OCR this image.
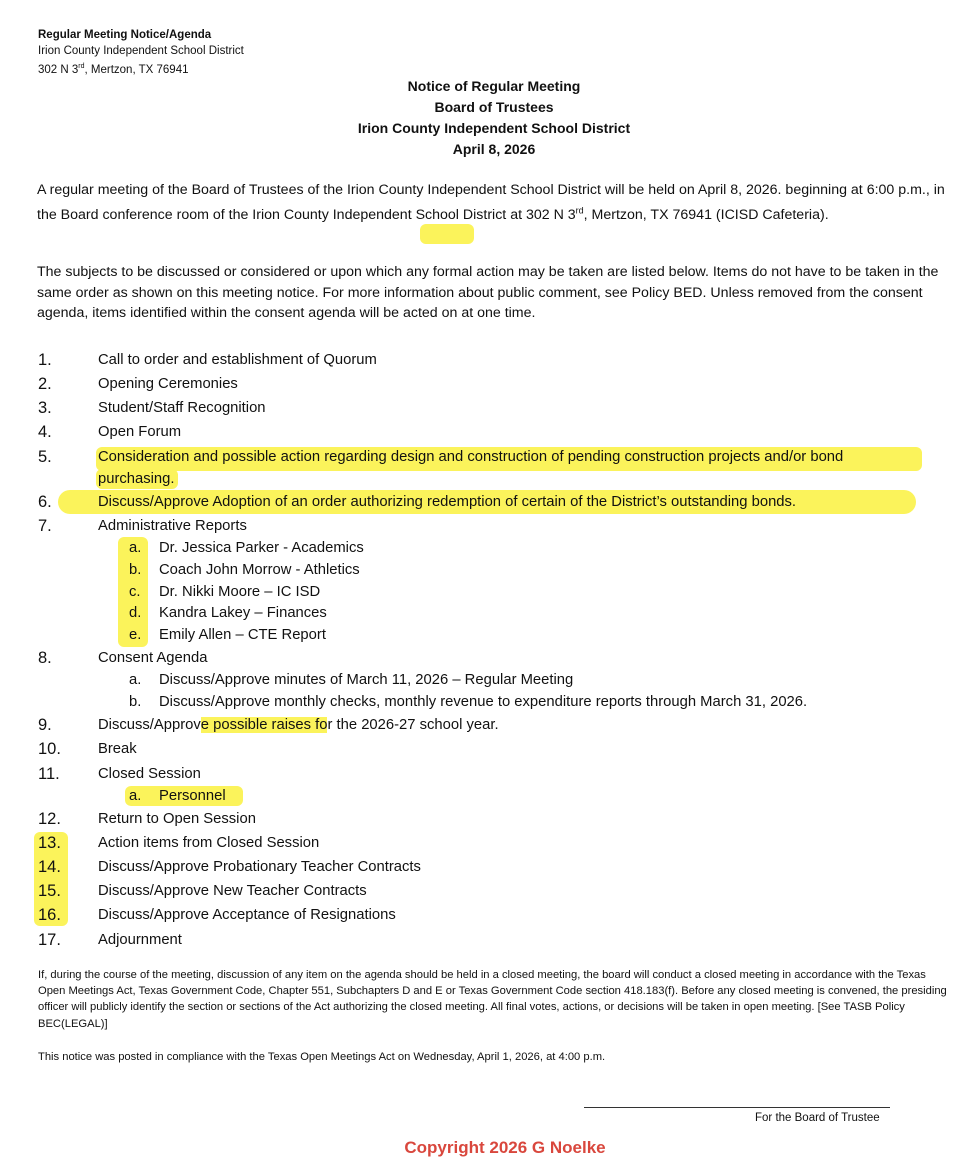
Regular Meeting Notice/Agenda
Irion County Independent School District
302 N 3rd, Mertzon, TX 76941
Notice of Regular Meeting
Board of Trustees
Irion County Independent School District
April 8, 2026
A regular meeting of the Board of Trustees of the Irion County Independent School District will be held on April 8, 2026. beginning at 6:00 p.m., in the Board conference room of the Irion County Independent School District at 302 N 3rd, Mertzon, TX 76941 (ICISD Cafeteria).
The subjects to be discussed or considered or upon which any formal action may be taken are listed below. Items do not have to be taken in the same order as shown on this meeting notice. For more information about public comment, see Policy BED. Unless removed from the consent agenda, items identified within the consent agenda will be acted on at one time.
1.	Call to order and establishment of Quorum
2.	Opening Ceremonies
3.	Student/Staff Recognition
4.	Open Forum
5.	Consideration and possible action regarding design and construction of pending construction projects and/or bond
purchasing.
6.	Discuss/Approve Adoption of an order authorizing redemption of certain of the District’s outstanding bonds.
7.	Administrative Reports
a. Dr. Jessica Parker - Academics
b. Coach John Morrow - Athletics
c. Dr. Nikki Moore – IC ISD
d. Kandra Lakey – Finances
e. Emily Allen – CTE Report
8.	Consent Agenda
a. Discuss/Approve minutes of March 11, 2026 – Regular Meeting
b. Discuss/Approve monthly checks, monthly revenue to expenditure reports through March 31, 2026.
9.	Discuss/Approve possible raises for the 2026-27 school year.
10.	Break
11.	Closed Session
a. Personnel
12.	Return to Open Session
13.	Action items from Closed Session
14.	Discuss/Approve Probationary Teacher Contracts
15.	Discuss/Approve New Teacher Contracts
16.	Discuss/Approve Acceptance of Resignations
17.	Adjournment
If, during the course of the meeting, discussion of any item on the agenda should be held in a closed meeting, the board will conduct a closed meeting in accordance with the Texas Open Meetings Act, Texas Government Code, Chapter 551, Subchapters D and E or Texas Government Code section 418.183(f). Before any closed meeting is convened, the presiding officer will publicly identify the section or sections of the Act authorizing the closed meeting. All final votes, actions, or decisions will be taken in open meeting. [See TASB Policy BEC(LEGAL)]
This notice was posted in compliance with the Texas Open Meetings Act on Wednesday, April 1, 2026, at 4:00 p.m.
For the Board of Trustee
Copyright 2026 G Noelke
